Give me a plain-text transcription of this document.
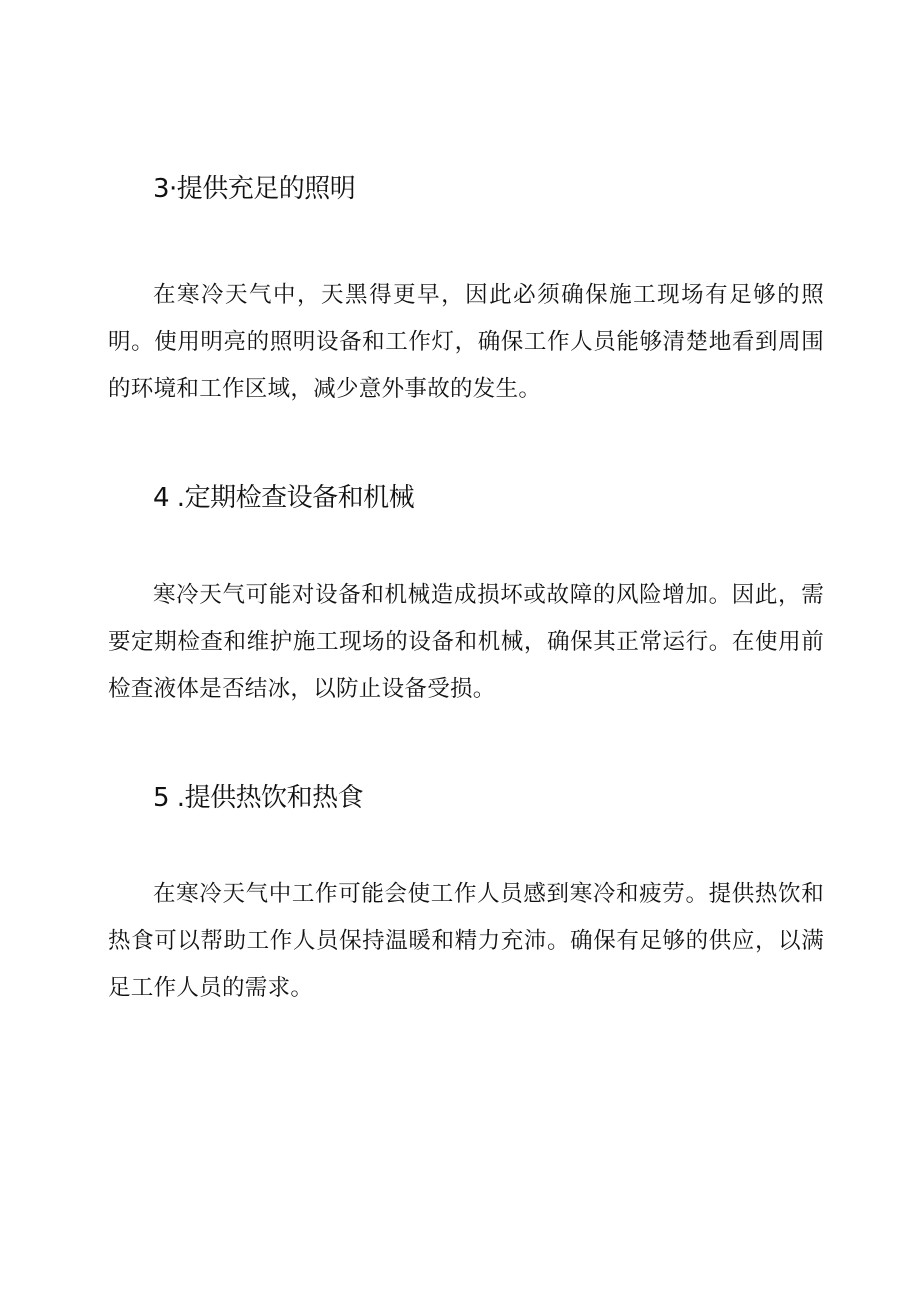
3·提供充足的照明

在寒冷天气中，天黑得更早，因此必须确保施工现场有足够的照明。使用明亮的照明设备和工作灯，确保工作人员能够清楚地看到周围的环境和工作区域，减少意外事故的发生。

4 .定期检查设备和机械

寒冷天气可能对设备和机械造成损坏或故障的风险增加。因此，需要定期检查和维护施工现场的设备和机械，确保其正常运行。在使用前检查液体是否结冰，以防止设备受损。

5 .提供热饮和热食

在寒冷天气中工作可能会使工作人员感到寒冷和疲劳。提供热饮和热食可以帮助工作人员保持温暖和精力充沛。确保有足够的供应，以满足工作人员的需求。
